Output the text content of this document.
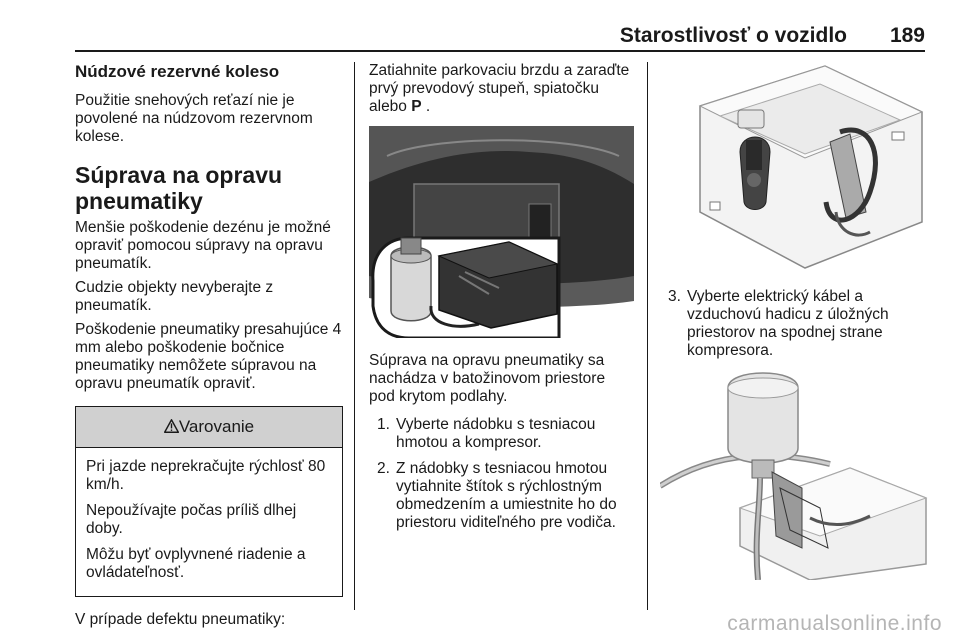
Starostlivosť o vozidlo 189
Núdzové rezervné koleso

Použitie snehových reťazí nie je povolené na núdzovom rezervnom kolese.

Súprava na opravu pneumatiky

Menšie poškodenie dezénu je možné opraviť pomocou súpravy na opravu pneumatík.

Cudzie objekty nevyberajte z pneumatík.

Poškodenie pneumatiky presahujúce 4 mm alebo poškodenie bočnice pneumatiky nemôžete súpravou na opravu pneumatík opraviť.

Varovanie

Pri jazde neprekračujte rýchlosť 80 km/h.

Nepoužívajte počas príliš dlhej doby.

Môžu byť ovplyvnené riadenie a ovládateľnosť.

V prípade defektu pneumatiky:

Zatiahnite parkovaciu brzdu a zaraďte prvý prevodový stupeň, spiatočku alebo P .

Súprava na opravu pneumatiky sa nachádza v batožinovom priestore pod krytom podlahy.

1. Vyberte nádobku s tesniacou hmotou a kompresor.
2. Z nádobky s tesniacou hmotou vytiahnite štítok s rýchlostným obmedzením a umiestnite ho do priestoru viditeľného pre vodiča.
3. Vyberte elektrický kábel a vzduchovú hadicu z úložných priestorov na spodnej strane kompresora.
carmanualsonline.info
